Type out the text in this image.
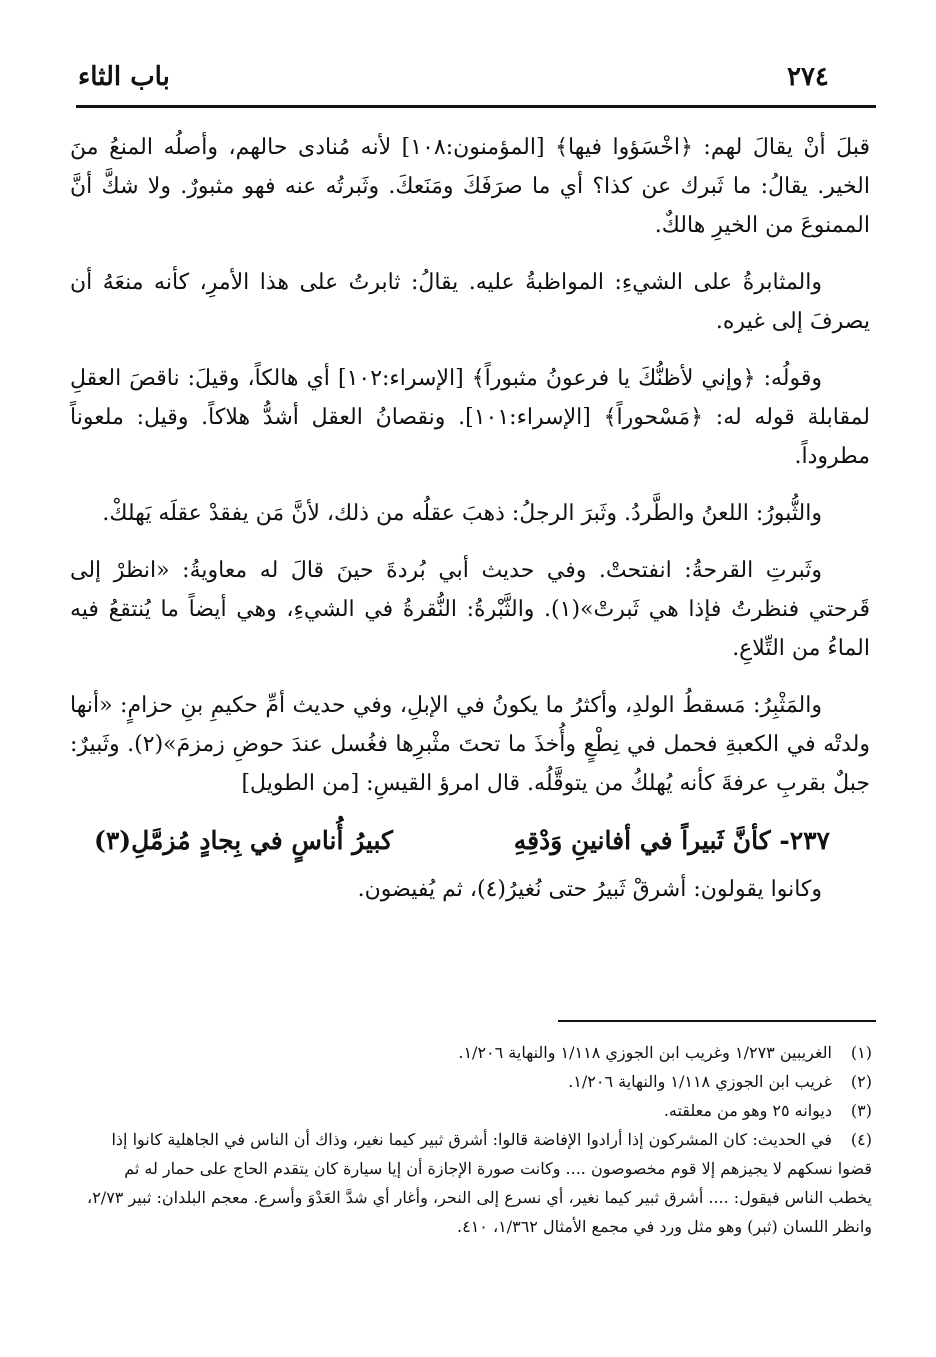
٢٧٤
باب الثاء

قبلَ أنْ يقالَ لهم: ﴿اخْسَؤوا فيها﴾ [المؤمنون:١٠٨] لأنه مُنادى حالهم، وأصلُه المنعُ منَ الخير. يقالُ: ما ثَبرك عن كذا؟ أي ما صرَفَكَ ومَنَعكَ. وثَبرتُه عنه فهو مثبورٌ. ولا شكَّ أنَّ الممنوعَ من الخيرِ هالكٌ.

والمثابرةُ على الشيءِ: المواظبةُ عليه. يقالُ: ثابرتُ على هذا الأمرِ، كأنه منعَهُ أن يصرفَ إلى غيره.

وقولُه: ﴿وإني لأظنُّكَ يا فرعونُ مثبوراً﴾ [الإسراء:١٠٢] أي هالكاً، وقيلَ: ناقصَ العقلِ لمقابلة قوله له: ﴿مَسْحوراً﴾ [الإسراء:١٠١]. ونقصانُ العقل أشدُّ هلاكاً. وقيل: ملعوناً مطروداً.

والثُّبورُ: اللعنُ والطَّردُ. وثَبرَ الرجلُ: ذهبَ عقلُه من ذلك، لأنَّ مَن يفقدْ عقلَه يَهلكْ.

وثَبرتِ القرحةُ: انفتحتْ. وفي حديث أبي بُردةَ حينَ قالَ له معاويةُ: «انظرْ إلى قَرحتي فنظرتُ فإذا هي ثَبرتْ»(١). والثَّبْرةُ: النُّقرةُ في الشيءِ، وهي أيضاً ما يُنتقعُ فيه الماءُ من التِّلاعِ.

والمَثْبِرُ: مَسقطُ الولدِ، وأكثرُ ما يكونُ في الإبلِ، وفي حديث أمِّ حكيمِ بنِ حزامٍ: «أنها ولدتْه في الكعبةِ فحمل في نِطْعٍ وأُخذَ ما تحتَ مثْبرِها فغُسل عندَ حوضِ زمزمَ»(٢). وثَبيرٌ: جبلٌ بقربِ عرفةَ كأنه يُهلكُ من يتوقَّلُه. قال امرؤ القيسِ: [من الطويل]

٢٣٧- كأنَّ ثَبيراً في أفانينِ وَدْقِهِ
كبيرُ أُناسٍ في بِجادٍ مُزمَّلِ(٣)

وكانوا يقولون: أشرقْ ثَبيرُ حتى نُغيرُ(٤)، ثم يُفيضون.

(١)الغريبين ١/٢٧٣ وغريب ابن الجوزي ١/١١٨ والنهاية ١/٢٠٦.

(٢)غريب ابن الجوزي ١/١١٨ والنهاية ١/٢٠٦.

(٣)ديوانه ٢٥ وهو من معلقته.

(٤)في الحديث: كان المشركون إذا أرادوا الإفاضة قالوا: أشرق ثبير كيما نغير، وذاك أن الناس في الجاهلية كانوا إذا قضوا نسكهم لا يجيزهم إلا قوم مخصوصون .... وكانت صورة الإجازة أن إيا سيارة كان يتقدم الحاج على حمار له ثم يخطب الناس فيقول: .... أشرق ثبير كيما نغير، أي نسرع إلى النحر، وأغار أي شدَّ العَدْوَ وأسرع. معجم البلدان: ثبير ٢/٧٣، وانظر اللسان (ثبر) وهو مثل ورد في مجمع الأمثال ١/٣٦٢، ٤١٠.
